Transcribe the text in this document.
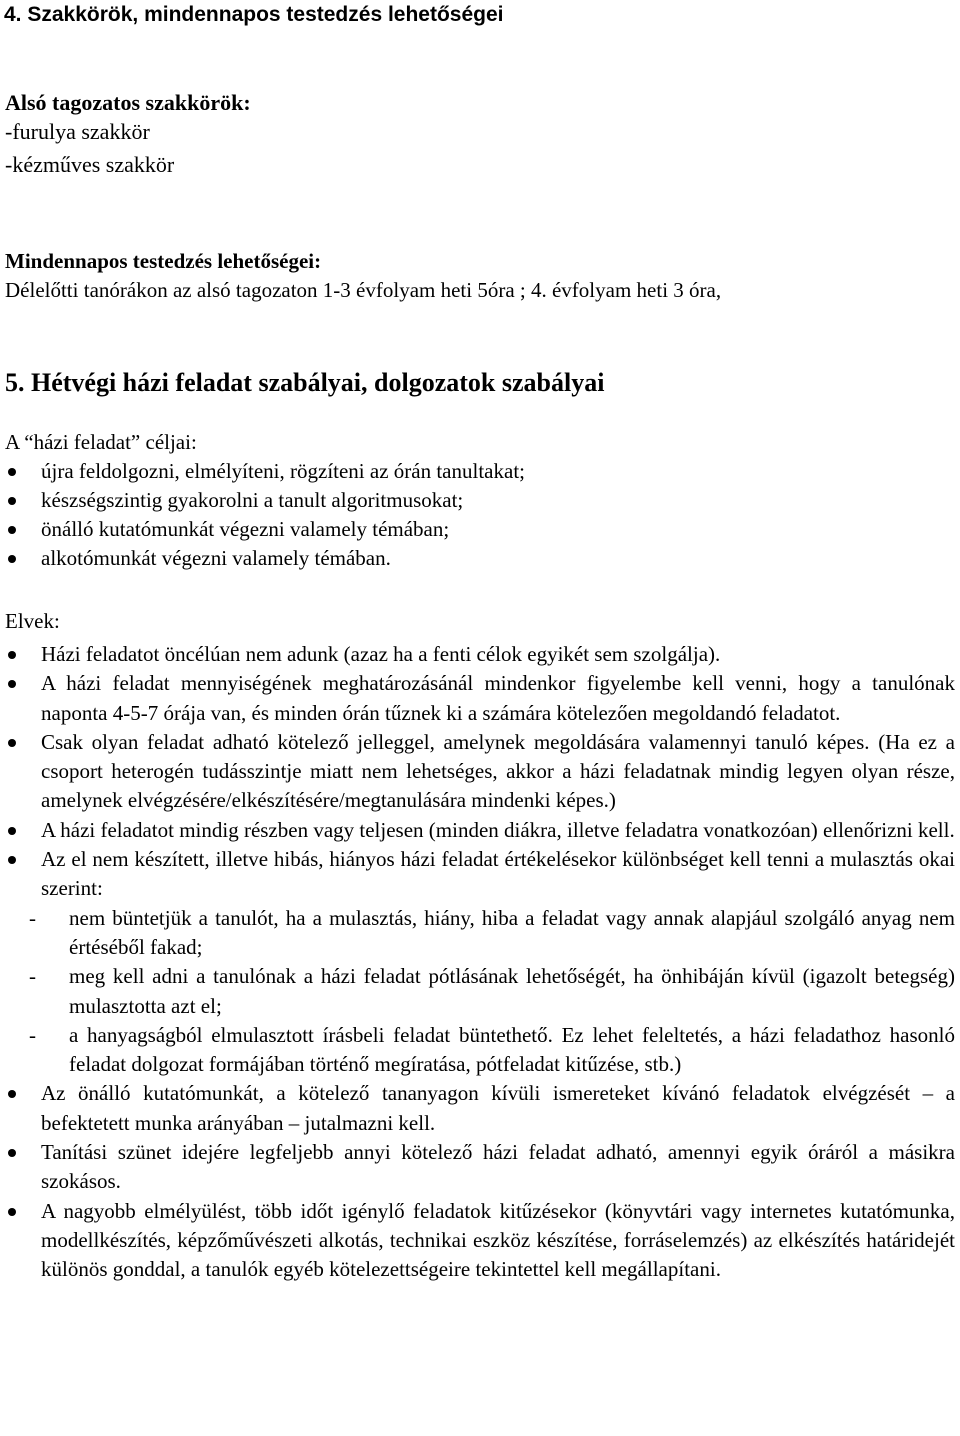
4. Szakkörök, mindennapos testedzés lehetőségei
Alsó tagozatos szakkörök:
-furulya szakkör
-kézműves szakkör
Mindennapos testedzés lehetőségei:
Délelőtti tanórákon az alsó tagozaton 1-3 évfolyam heti 5óra ; 4. évfolyam heti 3 óra,
5. Hétvégi házi feladat szabályai, dolgozatok szabályai
A “házi feladat” céljai:
újra feldolgozni, elmélyíteni, rögzíteni az órán tanultakat;
készségszintig gyakorolni a tanult algoritmusokat;
önálló kutatómunkát végezni valamely témában;
alkotómunkát végezni valamely témában.
Elvek:
Házi feladatot öncélúan nem adunk (azaz ha a fenti célok egyikét sem szolgálja).
A házi feladat mennyiségének meghatározásánál mindenkor figyelembe kell venni, hogy a tanulónak naponta 4-5-7 órája van, és minden órán tűznek ki a számára kötelezően megoldandó feladatot.
Csak olyan feladat adható kötelező jelleggel, amelynek megoldására valamennyi tanuló képes. (Ha ez a csoport heterogén tudásszintje miatt nem lehetséges, akkor a házi feladatnak mindig legyen olyan része, amelynek elvégzésére/elkészítésére/megtanulására mindenki képes.)
A házi feladatot mindig részben vagy teljesen (minden diákra, illetve feladatra vonatkozóan) ellenőrizni kell.
Az el nem készített, illetve hibás, hiányos házi feladat értékelésekor különbséget kell tenni a mulasztás okai szerint:
- nem büntetjük a tanulót, ha a mulasztás, hiány, hiba a feladat vagy annak alapjául szolgáló anyag nem értéséből fakad;
- meg kell adni a tanulónak a házi feladat pótlásának lehetőségét, ha önhibáján kívül (igazolt betegség) mulasztotta azt el;
- a hanyagságból elmulasztott írásbeli feladat büntethető. Ez lehet feleltetés, a házi feladathoz hasonló feladat dolgozat formájában történő megíratása, pótfeladat kitűzése, stb.)
Az önálló kutatómunkát, a kötelező tananyagon kívüli ismereteket kívánó feladatok elvégzését – a befektetett munka arányában – jutalmazni kell.
Tanítási szünet idejére legfeljebb annyi kötelező házi feladat adható, amennyi egyik óráról a másikra szokásos.
A nagyobb elmélyülést, több időt igénylő feladatok kitűzésekor (könyvtári vagy internetes kutatómunka, modellkészítés, képzőművészeti alkotás, technikai eszköz készítése, forráselemzés) az elkészítés határidejét különös gonddal, a tanulók egyéb kötelezettségeire tekintettel kell megállapítani.
